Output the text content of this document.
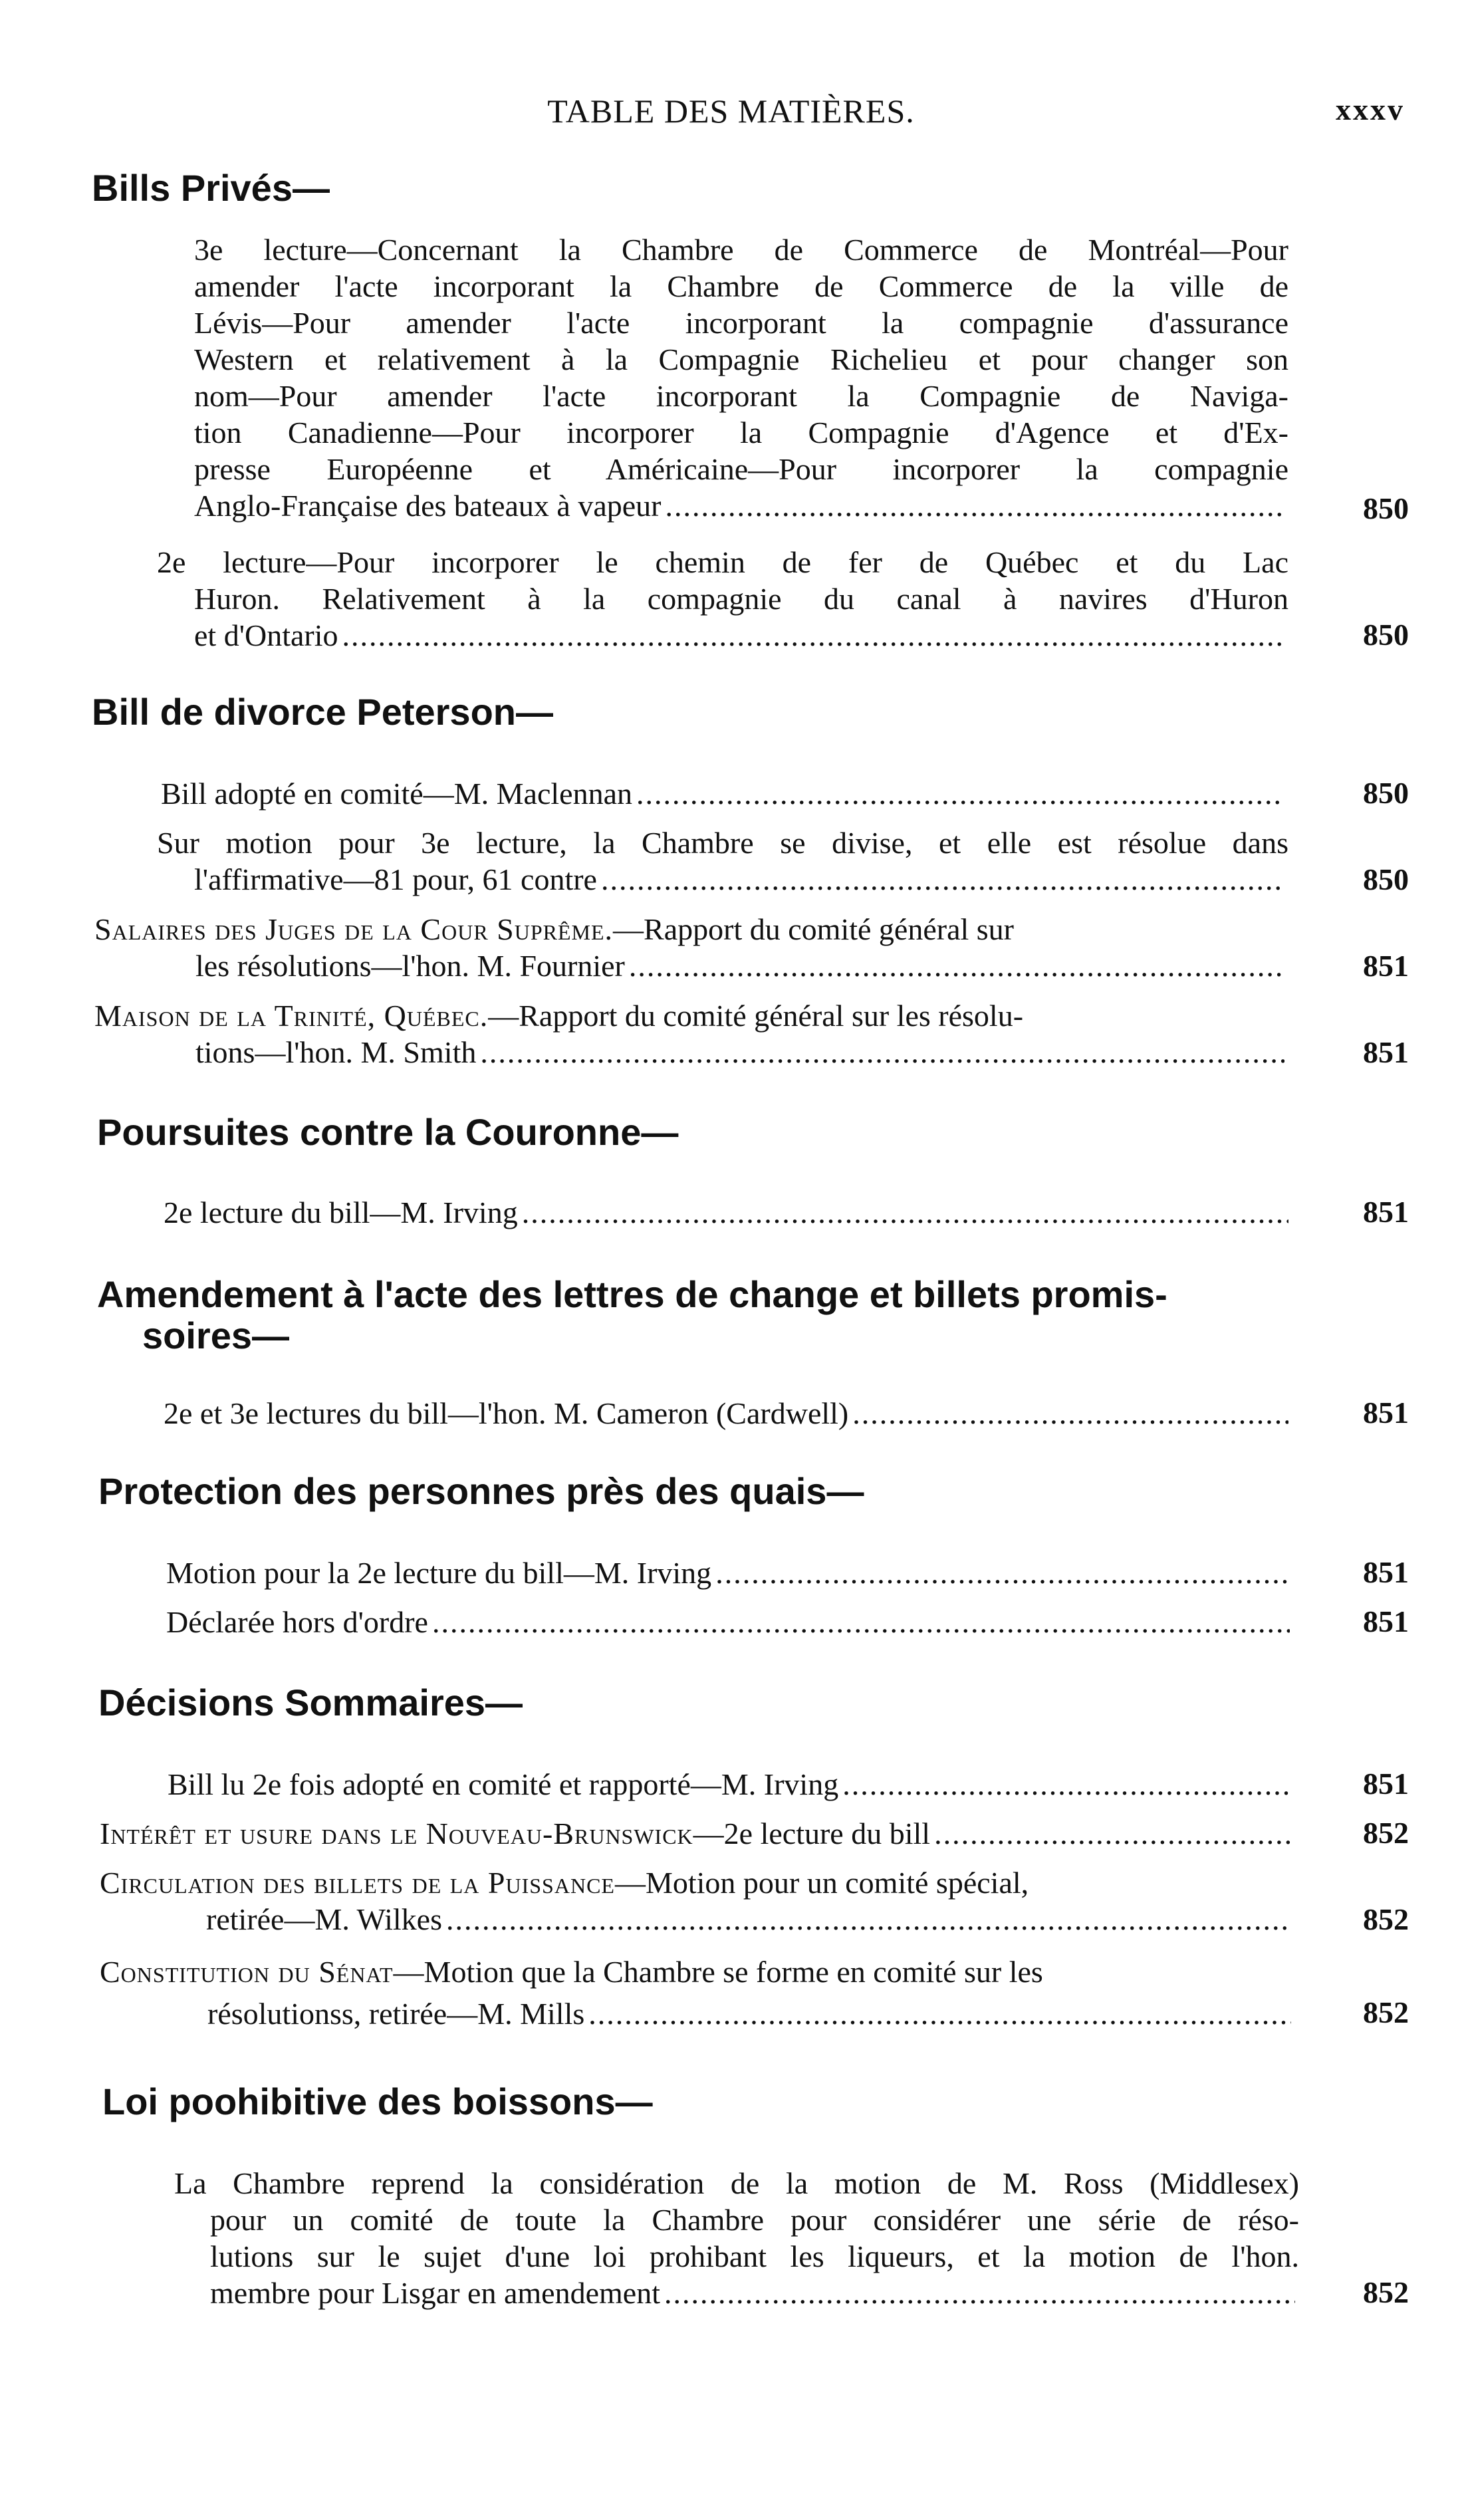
TABLE DES MATIÈRES.	xxxv
Bills Privés—
3e lecture—Concernant la Chambre de Commerce de Montréal—Pour
amender l'acte incorporant la Chambre de Commerce de la ville de
Lévis—Pour amender l'acte incorporant la compagnie d'assurance
Western et relativement à la Compagnie Richelieu et pour changer son
nom—Pour amender l'acte incorporant la Compagnie de Naviga-
tion Canadienne—Pour incorporer la Compagnie d'Agence et d'Ex-
presse Européenne et Américaine—Pour incorporer la compagnie
Anglo-Française des bateaux à vapeur .....	850
2e lecture—Pour incorporer le chemin de fer de Québec et du Lac
Huron. Relativement à la compagnie du canal à navires d'Huron
et d'Ontario .....	850
Bill de divorce Peterson—
Bill adopté en comité—M. Maclennan .....	850
Sur motion pour 3e lecture, la Chambre se divise, et elle est résolue dans
l'affirmative—81 pour, 61 contre .....	850
Salaires des Juges de la Cour Suprême. —Rapport du comité général sur
les résolutions—l'hon. M. Fournier .....	851
Maison de la Trinité, Québec. —Rapport du comité général sur les résolu-
tions—l'hon. M. Smith .....	851
Poursuites contre la Couronne—
2e lecture du bill—M. Irving .....	851
Amendement à l'acte des lettres de change et billets promis-
soires—
2e et 3e lectures du bill—l'hon. M. Cameron (Cardwell) .....	851
Protection des personnes près des quais—
Motion pour la 2e lecture du bill—M. Irving .....	851
Déclarée hors d'ordre .....	851
Décisions Sommaires—
Bill lu 2e fois adopté en comité et rapporté—M. Irving .....	851
Intérêt et usure dans le Nouveau-Brunswick —2e lecture du bill .....	852
Circulation des billets de la Puissance —Motion pour un comité spécial,
retirée—M. Wilkes .....	852
Constitution du Sénat —Motion que la Chambre se forme en comité sur les
résolutionss, retirée—M. Mills .....	852
Loi poohibitive des boissons—
La Chambre reprend la considération de la motion de M. Ross (Middlesex)
pour un comité de toute la Chambre pour considérer une série de réso-
lutions sur le sujet d'une loi prohibant les liqueurs, et la motion de l'hon.
membre pour Lisgar en amendement .....	852
